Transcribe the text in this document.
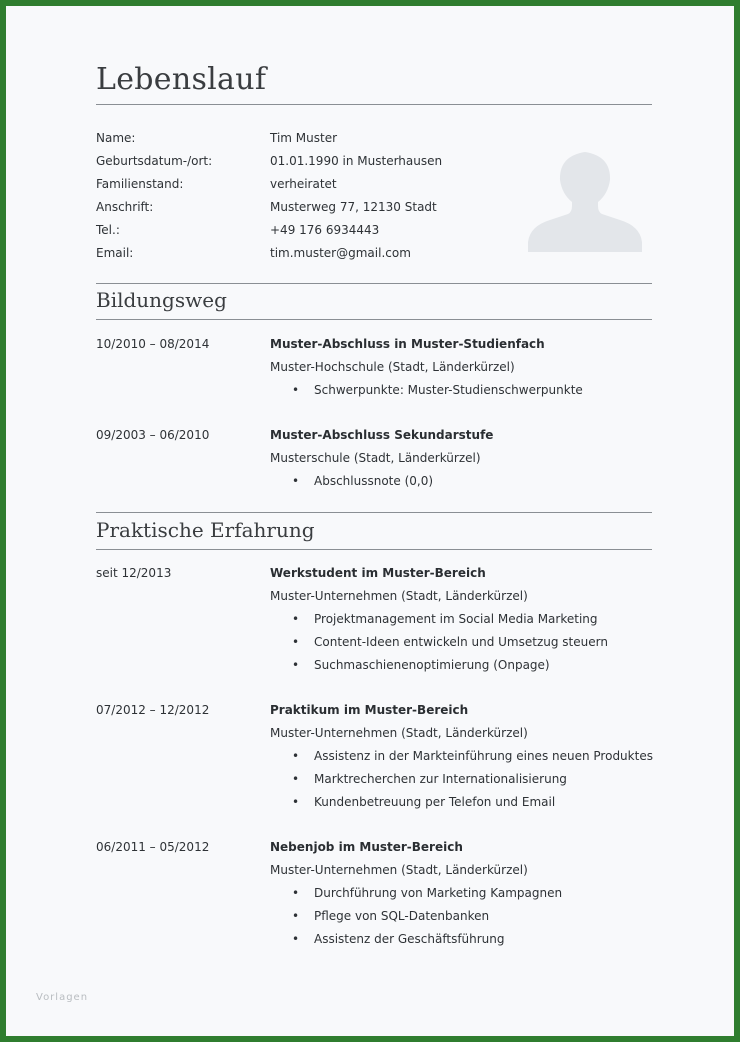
Lebenslauf
Name:	Tim Muster
Geburtsdatum-/ort:	01.01.1990 in Musterhausen
Familienstand:	verheiratet
Anschrift:	Musterweg 77, 12130 Stadt
Tel.:	+49 176 6934443
Email:	tim.muster@gmail.com
Bildungsweg
10/2010 – 08/2014	Muster-Abschluss in Muster-Studienfach
Muster-Hochschule (Stadt, Länderkürzel)
• Schwerpunkte: Muster-Studienschwerpunkte
09/2003 – 06/2010	Muster-Abschluss Sekundarstufe
Musterschule (Stadt, Länderkürzel)
• Abschlussnote (0,0)
Praktische Erfahrung
seit 12/2013	Werkstudent im Muster-Bereich
Muster-Unternehmen (Stadt, Länderkürzel)
• Projektmanagement im Social Media Marketing
• Content-Ideen entwickeln und Umsetzug steuern
• Suchmaschienenoptimierung (Onpage)
07/2012 – 12/2012	Praktikum im Muster-Bereich
Muster-Unternehmen (Stadt, Länderkürzel)
• Assistenz in der Markteinführung eines neuen Produktes
• Marktrecherchen zur Internationalisierung
• Kundenbetreuung per Telefon und Email
06/2011 – 05/2012	Nebenjob im Muster-Bereich
Muster-Unternehmen (Stadt, Länderkürzel)
• Durchführung von Marketing Kampagnen
• Pflege von SQL-Datenbanken
• Assistenz der Geschäftsführung
Vorlagen
